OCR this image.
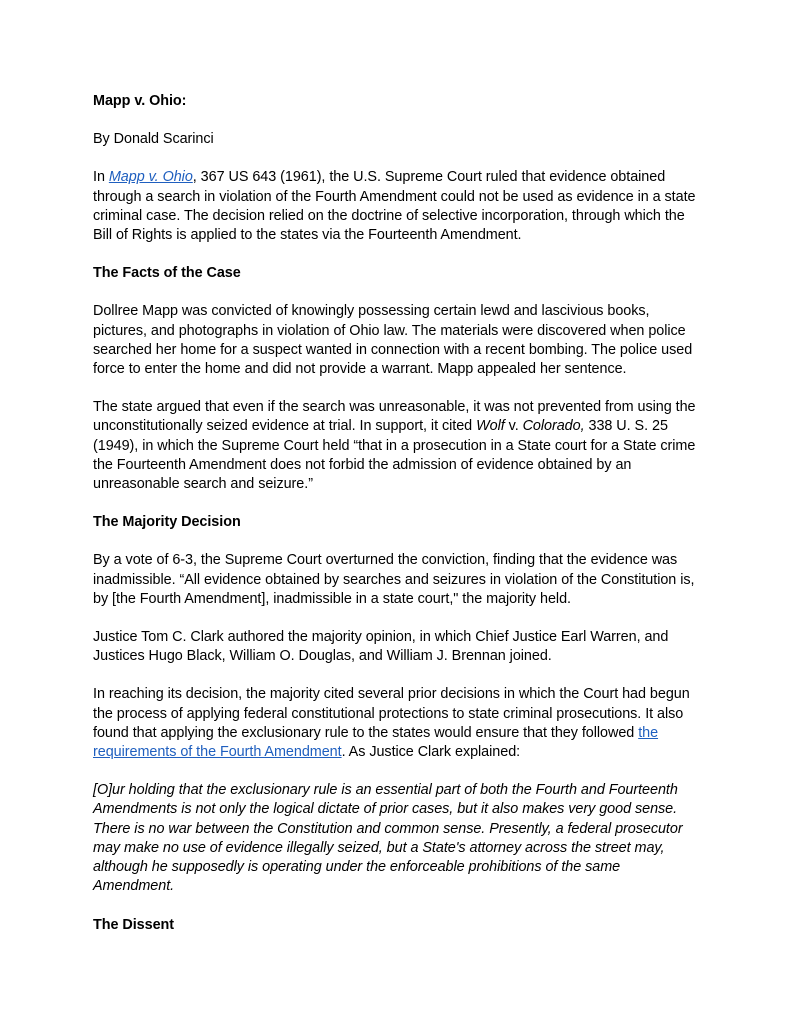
Mapp v. Ohio:

By Donald Scarinci

In Mapp v. Ohio, 367 US 643 (1961), the U.S. Supreme Court ruled that evidence obtained through a search in violation of the Fourth Amendment could not be used as evidence in a state criminal case. The decision relied on the doctrine of selective incorporation, through which the Bill of Rights is applied to the states via the Fourteenth Amendment.

The Facts of the Case

Dollree Mapp was convicted of knowingly possessing certain lewd and lascivious books, pictures, and photographs in violation of Ohio law. The materials were discovered when police searched her home for a suspect wanted in connection with a recent bombing. The police used force to enter the home and did not provide a warrant. Mapp appealed her sentence.

The state argued that even if the search was unreasonable, it was not prevented from using the unconstitutionally seized evidence at trial. In support, it cited Wolf v. Colorado, 338 U. S. 25 (1949), in which the Supreme Court held “that in a prosecution in a State court for a State crime the Fourteenth Amendment does not forbid the admission of evidence obtained by an unreasonable search and seizure.”

The Majority Decision

By a vote of 6-3, the Supreme Court overturned the conviction, finding that the evidence was inadmissible. “All evidence obtained by searches and seizures in violation of the Constitution is, by [the Fourth Amendment], inadmissible in a state court," the majority held.

Justice Tom C. Clark authored the majority opinion, in which Chief Justice Earl Warren, and Justices Hugo Black, William O. Douglas, and William J. Brennan joined.

In reaching its decision, the majority cited several prior decisions in which the Court had begun the process of applying federal constitutional protections to state criminal prosecutions. It also found that applying the exclusionary rule to the states would ensure that they followed the requirements of the Fourth Amendment. As Justice Clark explained:

[O]ur holding that the exclusionary rule is an essential part of both the Fourth and Fourteenth Amendments is not only the logical dictate of prior cases, but it also makes very good sense. There is no war between the Constitution and common sense. Presently, a federal prosecutor may make no use of evidence illegally seized, but a State's attorney across the street may, although he supposedly is operating under the enforceable prohibitions of the same Amendment.

The Dissent
